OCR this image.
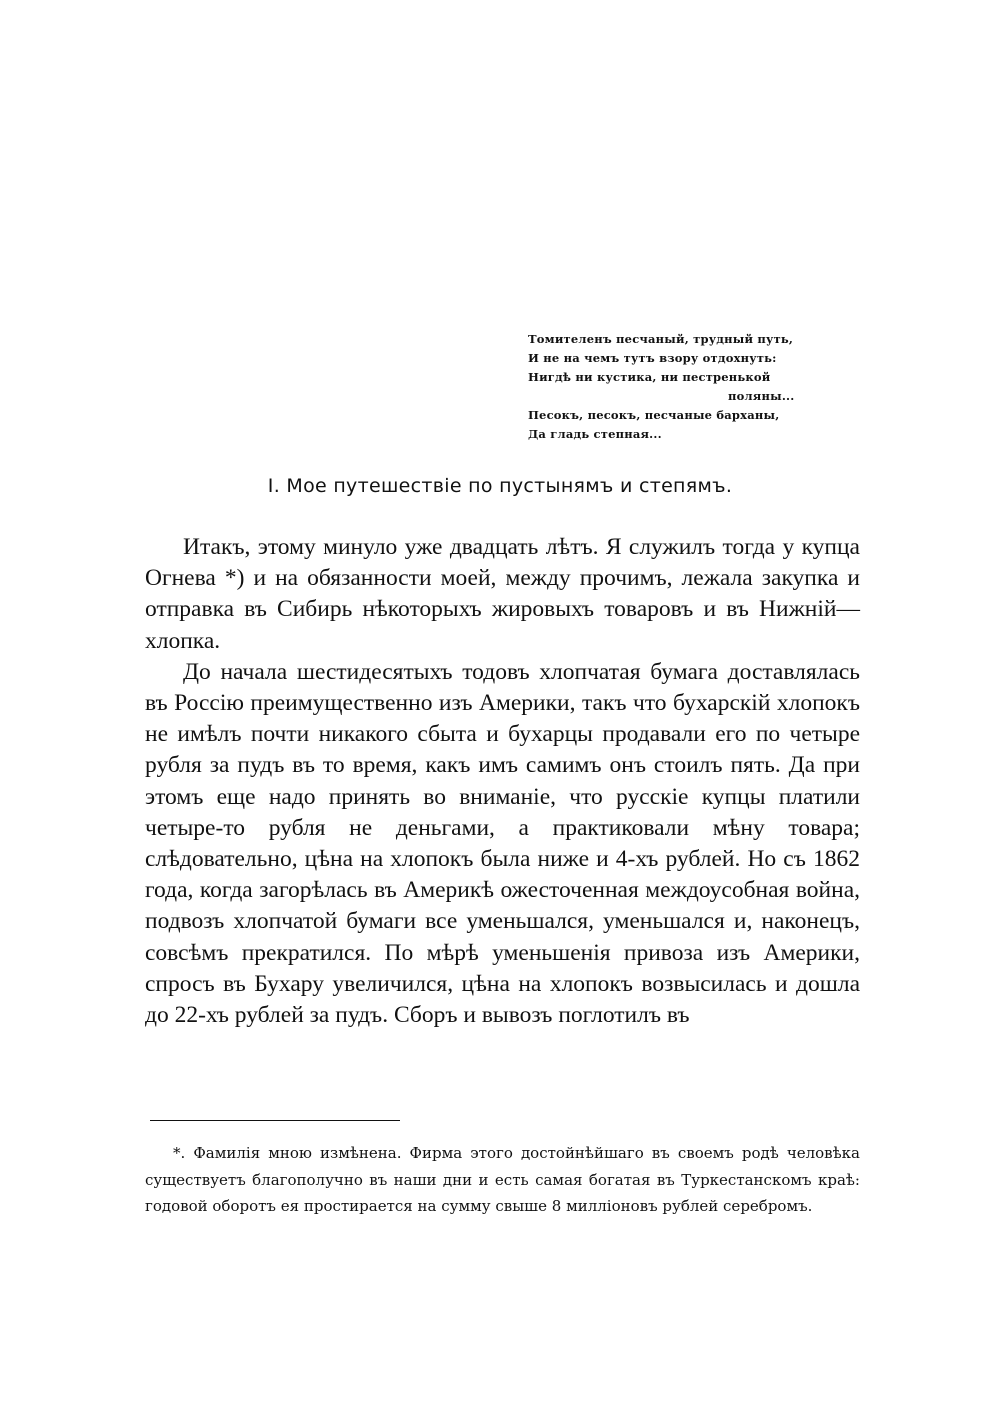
Томителенъ песчаный, трудный путь,
И не на чемъ тутъ взору отдохнуть:
Нигдѣ ни кустика, ни пестренькой
поляны...
Песокъ, песокъ, песчаные барханы,
Да гладь степная...
I. Мое путешествіе по пустынямъ и степямъ.

Итакъ, этому минуло уже двадцать лѣтъ. Я служилъ тогда у купца Огнева *) и на обязанности моей, между прочимъ, лежала закупка и отправка въ Сибирь нѣкоторыхъ жировыхъ товаровъ и въ Нижній—хлопка.

До начала шестидесятыхъ тодовъ хлопчатая бумага доставлялась въ Россію преимущественно изъ Америки, такъ что бухарскій хлопокъ не имѣлъ почти никакого сбыта и бухарцы продавали его по четыре рубля за пудъ въ то время, какъ имъ самимъ онъ стоилъ пять. Да при этомъ еще надо принять во вниманіе, что русскіе купцы платили четыре-то рубля не деньгами, а практиковали мѣну товара; слѣдовательно, цѣна на хлопокъ была ниже и 4-хъ рублей. Но съ 1862 года, когда загорѣлась въ Америкѣ ожесточенная междоусобная война, подвозъ хлопчатой бумаги все уменьшался, уменьшался и, наконецъ, совсѣмъ прекратился. По мѣрѣ уменьшенія привоза изъ Америки, спросъ въ Бухару увеличился, цѣна на хлопокъ возвысилась и дошла до 22-хъ рублей за пудъ. Сборъ и вывозъ поглотилъ въ

*. Фамилія мною измѣнена. Фирма этого достойнѣйшаго въ своемъ родѣ человѣка существуетъ благополучно въ наши дни и есть самая богатая въ Туркестанскомъ краѣ: годовой оборотъ ея простирается на сумму свыше 8 милліоновъ рублей серебромъ.
